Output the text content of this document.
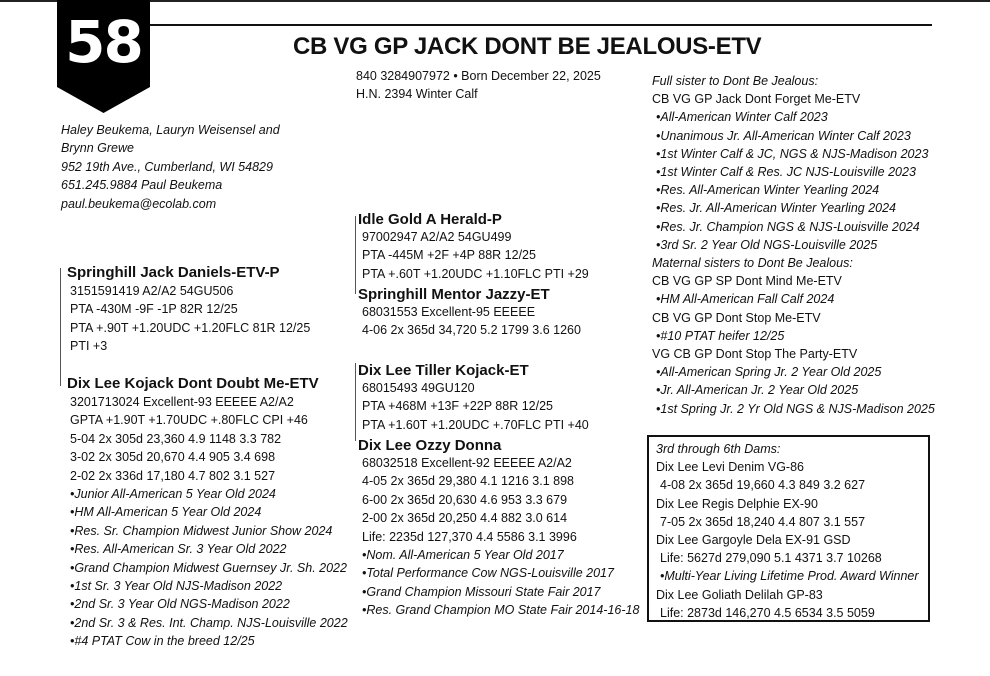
58	CB VG GP JACK DONT BE JEALOUS-ETV
840 3284907972 • Born December 22, 2025
H.N. 2394 Winter Calf
Haley Beukema, Lauryn Weisensel and
Brynn Grewe
952 19th Ave., Cumberland, WI 54829
651.245.9884 Paul Beukema
paul.beukema@ecolab.com
Springhill Jack Daniels-ETV-P
3151591419 A2/A2 54GU506
PTA -430M -9F -1P 82R 12/25
PTA +.90T +1.20UDC +1.20FLC 81R 12/25
PTI +3
Dix Lee Kojack Dont Doubt Me-ETV
3201713024 Excellent-93 EEEEE A2/A2
GPTA +1.90T +1.70UDC +.80FLC CPI +46
5-04 2x 305d 23,360 4.9 1148 3.3 782
3-02 2x 305d 20,670 4.4 905 3.4 698
2-02 2x 336d 17,180 4.7 802 3.1 527
•Junior All-American 5 Year Old 2024
•HM All-American 5 Year Old 2024
•Res. Sr. Champion Midwest Junior Show 2024
•Res. All-American Sr. 3 Year Old 2022
•Grand Champion Midwest Guernsey Jr. Sh. 2022
•1st Sr. 3 Year Old NJS-Madison 2022
•2nd Sr. 3 Year Old NGS-Madison 2022
•2nd Sr. 3 & Res. Int. Champ. NJS-Louisville 2022
•#4 PTAT Cow in the breed 12/25
Idle Gold A Herald-P
97002947 A2/A2 54GU499
PTA -445M +2F +4P 88R 12/25
PTA +.60T +1.20UDC +1.10FLC PTI +29
Springhill Mentor Jazzy-ET
68031553 Excellent-95 EEEEE
4-06 2x 365d 34,720 5.2 1799 3.6 1260
Dix Lee Tiller Kojack-ET
68015493 49GU120
PTA +468M +13F +22P 88R 12/25
PTA +1.60T +1.20UDC +.70FLC PTI +40
Dix Lee Ozzy Donna
68032518 Excellent-92 EEEEE A2/A2
4-05 2x 365d 29,380 4.1 1216 3.1 898
6-00 2x 365d 20,630 4.6 953 3.3 679
2-00 2x 365d 20,250 4.4 882 3.0 614
Life: 2235d 127,370 4.4 5586 3.1 3996
•Nom. All-American 5 Year Old 2017
•Total Performance Cow NGS-Louisville 2017
•Grand Champion Missouri State Fair 2017
•Res. Grand Champion MO State Fair 2014-16-18
Full sister to Dont Be Jealous:
CB VG GP Jack Dont Forget Me-ETV
•All-American Winter Calf 2023
•Unanimous Jr. All-American Winter Calf 2023
•1st Winter Calf & JC, NGS & NJS-Madison 2023
•1st Winter Calf & Res. JC NJS-Louisville 2023
•Res. All-American Winter Yearling 2024
•Res. Jr. All-American Winter Yearling 2024
•Res. Jr. Champion NGS & NJS-Louisville 2024
•3rd Sr. 2 Year Old NGS-Louisville 2025
Maternal sisters to Dont Be Jealous:
CB VG GP SP Dont Mind Me-ETV
•HM All-American Fall Calf 2024
CB VG GP Dont Stop Me-ETV
•#10 PTAT heifer 12/25
VG CB GP Dont Stop The Party-ETV
•All-American Spring Jr. 2 Year Old 2025
•Jr. All-American Jr. 2 Year Old 2025
•1st Spring Jr. 2 Yr Old NGS & NJS-Madison 2025
3rd through 6th Dams:
Dix Lee Levi Denim VG-86
4-08 2x 365d 19,660 4.3 849 3.2 627
Dix Lee Regis Delphie EX-90
7-05 2x 365d 18,240 4.4 807 3.1 557
Dix Lee Gargoyle Dela EX-91 GSD
Life: 5627d 279,090 5.1 4371 3.7 10268
•Multi-Year Living Lifetime Prod. Award Winner
Dix Lee Goliath Delilah GP-83
Life: 2873d 146,270 4.5 6534 3.5 5059
